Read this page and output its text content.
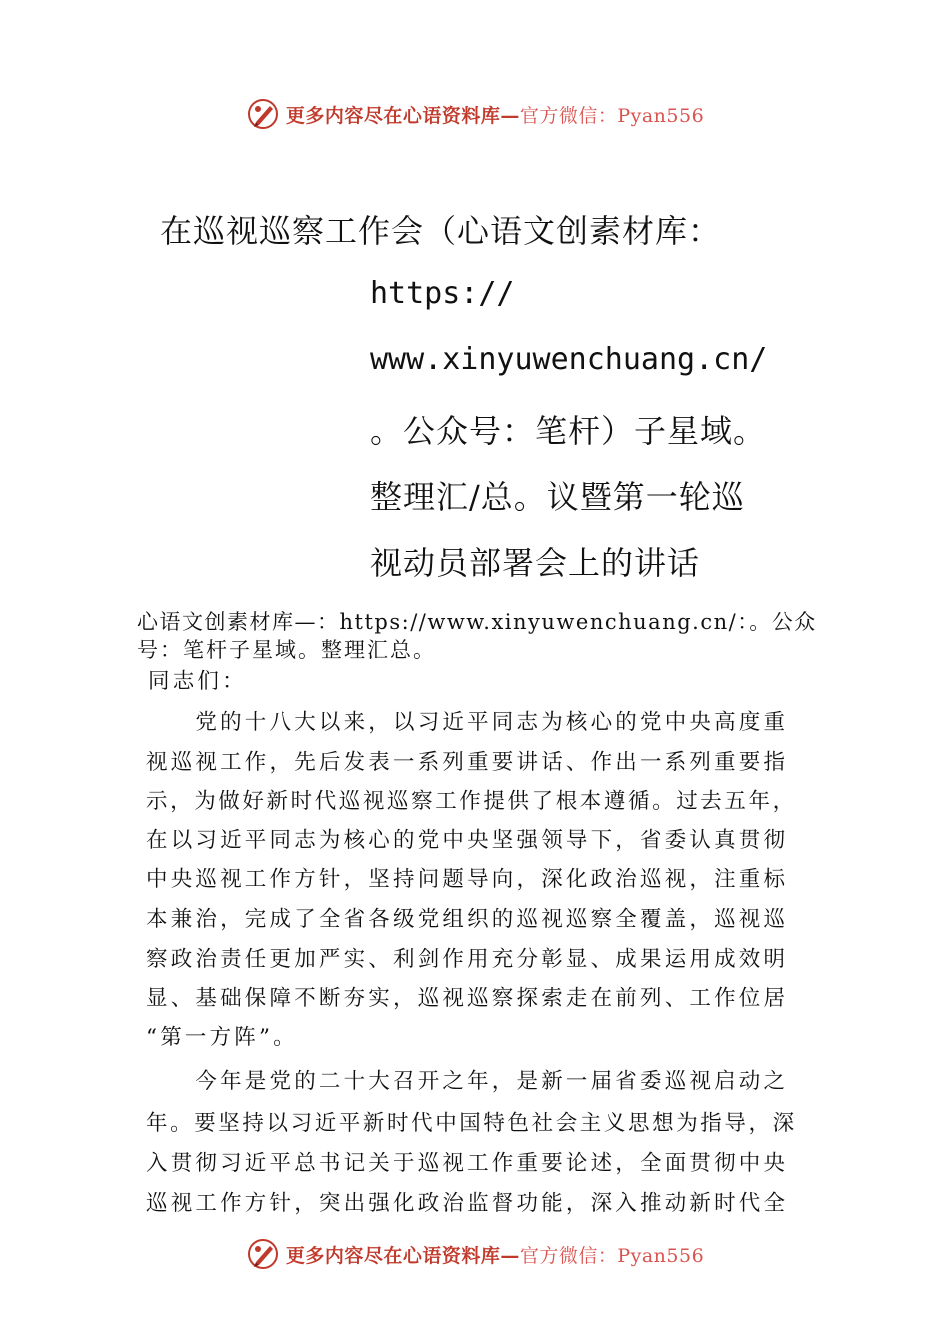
更多内容尽在心语资料库—官方微信：Pyan556
在巡视巡察工作会（心语文创素材库：
https://
www.xinyuwenchuang.cn/
。公众号：笔杆）子星域。
整理汇/总。议暨第一轮巡
视动员部署会上的讲话
心语文创素材库—：https://www.xinyuwenchuang.cn/：。公众
号：笔杆子星域。整理汇总。
同志们：
　　党的十八大以来，以习近平同志为核心的党中央高度重
视巡视工作，先后发表一系列重要讲话、作出一系列重要指
示，为做好新时代巡视巡察工作提供了根本遵循。过去五年，
在以习近平同志为核心的党中央坚强领导下，省委认真贯彻
中央巡视工作方针，坚持问题导向，深化政治巡视，注重标
本兼治，完成了全省各级党组织的巡视巡察全覆盖，巡视巡
察政治责任更加严实、利剑作用充分彰显、成果运用成效明
显、基础保障不断夯实，巡视巡察探索走在前列、工作位居
“第一方阵”。
　　今年是党的二十大召开之年，是新一届省委巡视启动之
年。要坚持以习近平新时代中国特色社会主义思想为指导，深
入贯彻习近平总书记关于巡视工作重要论述，全面贯彻中央
巡视工作方针，突出强化政治监督功能，深入推动新时代全
更多内容尽在心语资料库—官方微信：Pyan556
